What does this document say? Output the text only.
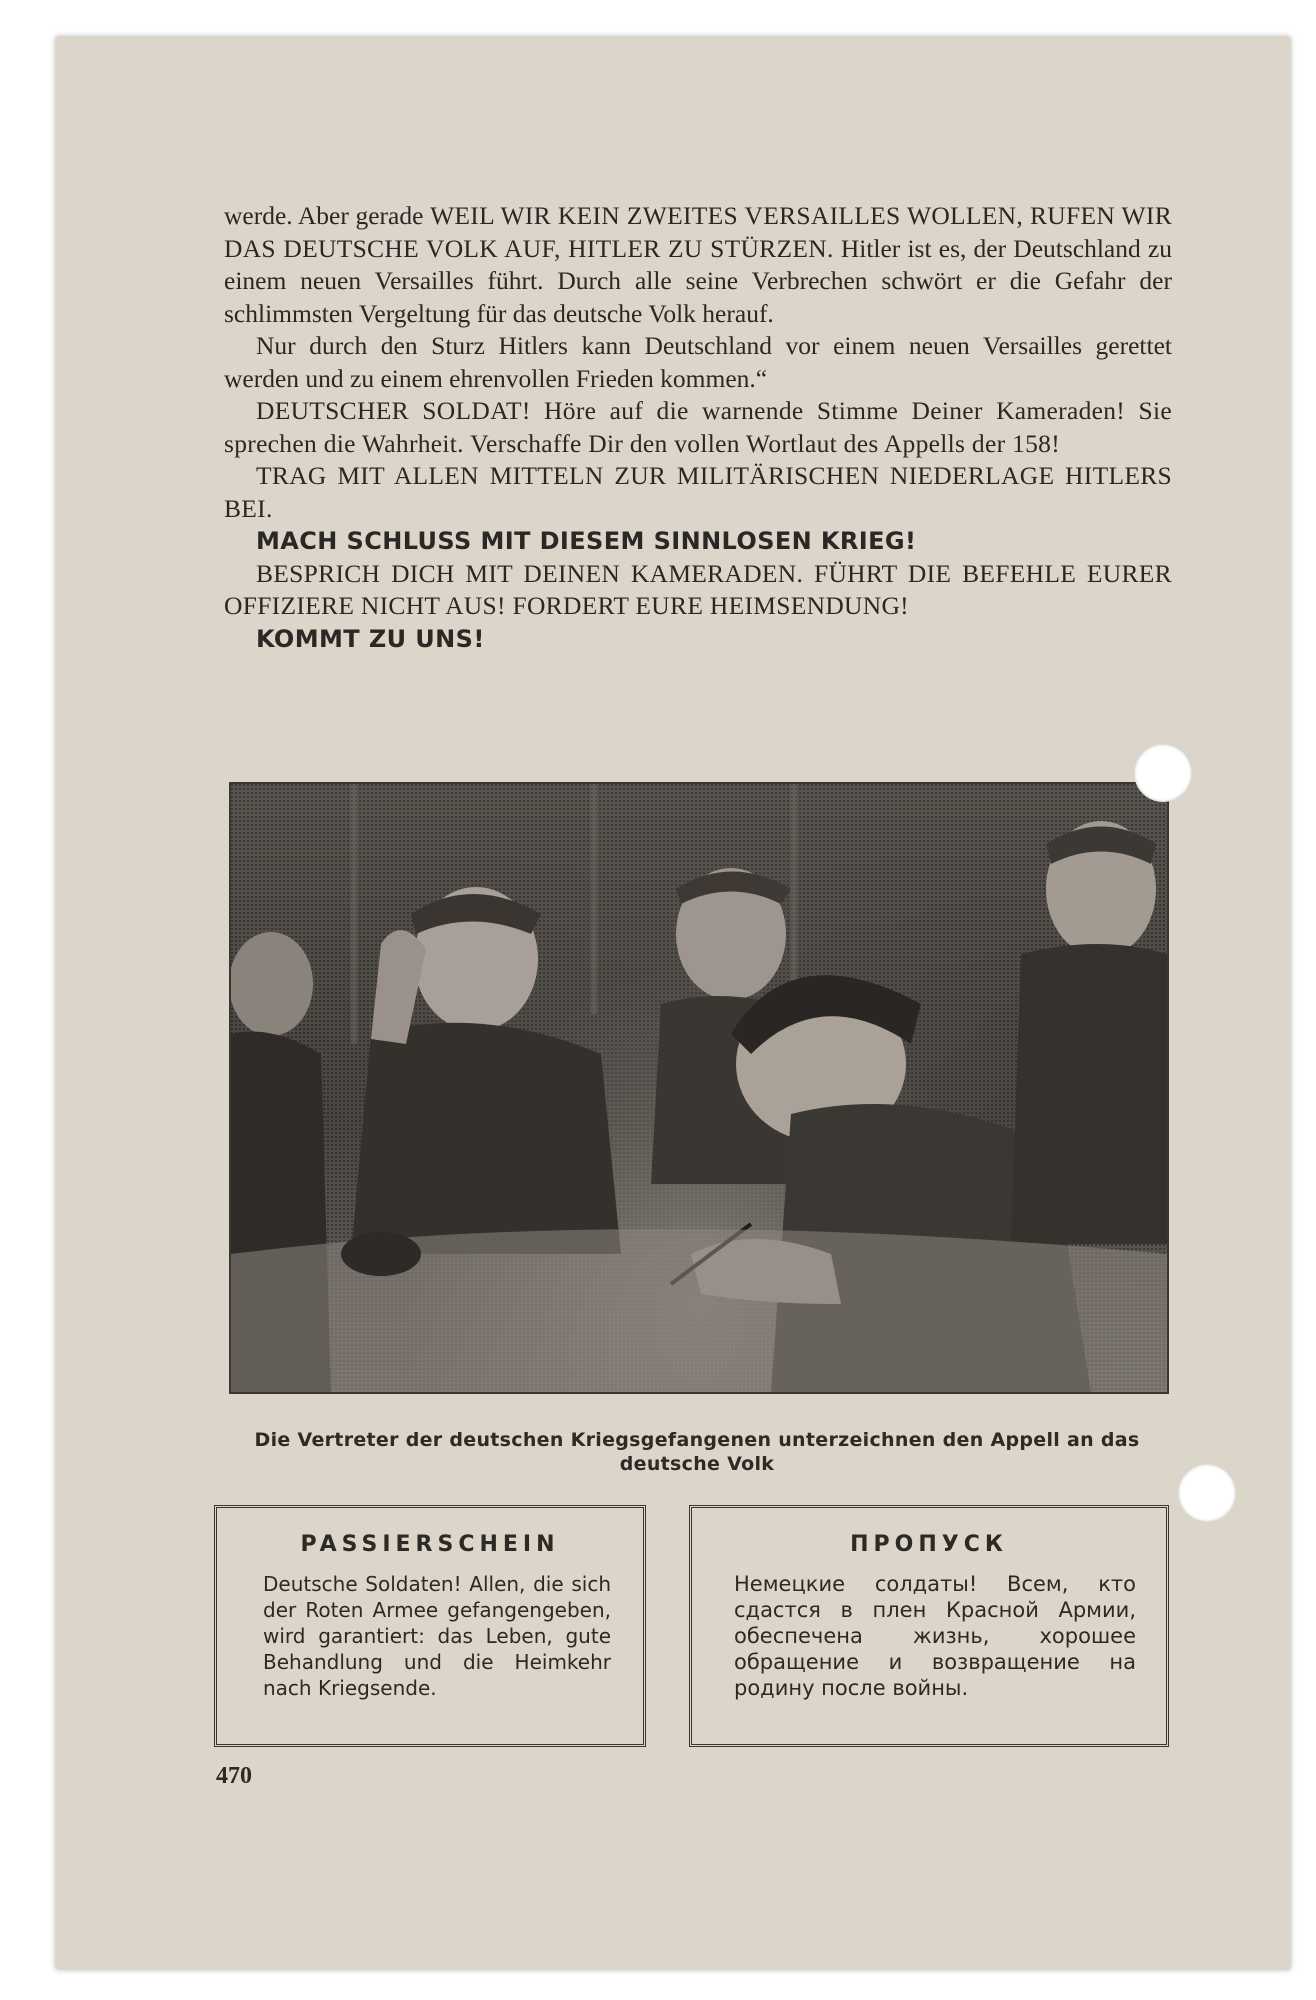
werde. Aber gerade WEIL WIR KEIN ZWEITES VERSAILLES WOLLEN, RUFEN WIR DAS DEUTSCHE VOLK AUF, HITLER ZU STÜRZEN. Hitler ist es, der Deutschland zu einem neuen Versailles führt. Durch alle seine Verbrechen schwört er die Gefahr der schlimmsten Vergeltung für das deutsche Volk herauf.

Nur durch den Sturz Hitlers kann Deutschland vor einem neuen Versailles gerettet werden und zu einem ehrenvollen Frieden kommen.“

DEUTSCHER SOLDAT! Höre auf die warnende Stimme Deiner Kameraden! Sie sprechen die Wahrheit. Verschaffe Dir den vollen Wortlaut des Appells der 158!

TRAG MIT ALLEN MITTELN ZUR MILITÄRISCHEN NIEDERLAGE HITLERS BEI.

MACH SCHLUSS MIT DIESEM SINNLOSEN KRIEG!

BESPRICH DICH MIT DEINEN KAMERADEN. FÜHRT DIE BEFEHLE EURER OFFIZIERE NICHT AUS! FORDERT EURE HEIMSENDUNG!

KOMMT ZU UNS!

Die Vertreter der deutschen Kriegsgefangenen unterzeichnen den Appell an das deutsche Volk
PASSIERSCHEIN
Deutsche Soldaten! Allen, die sich der Roten Armee gefangengeben, wird garantiert: das Leben, gute Behandlung und die Heimkehr nach Kriegsende.
ПРОПУСК
Немецкие солдаты! Всем, кто сдастся в плен Красной Армии, обеспечена жизнь, хорошее обращение и возвращение на родину после войны.
470
